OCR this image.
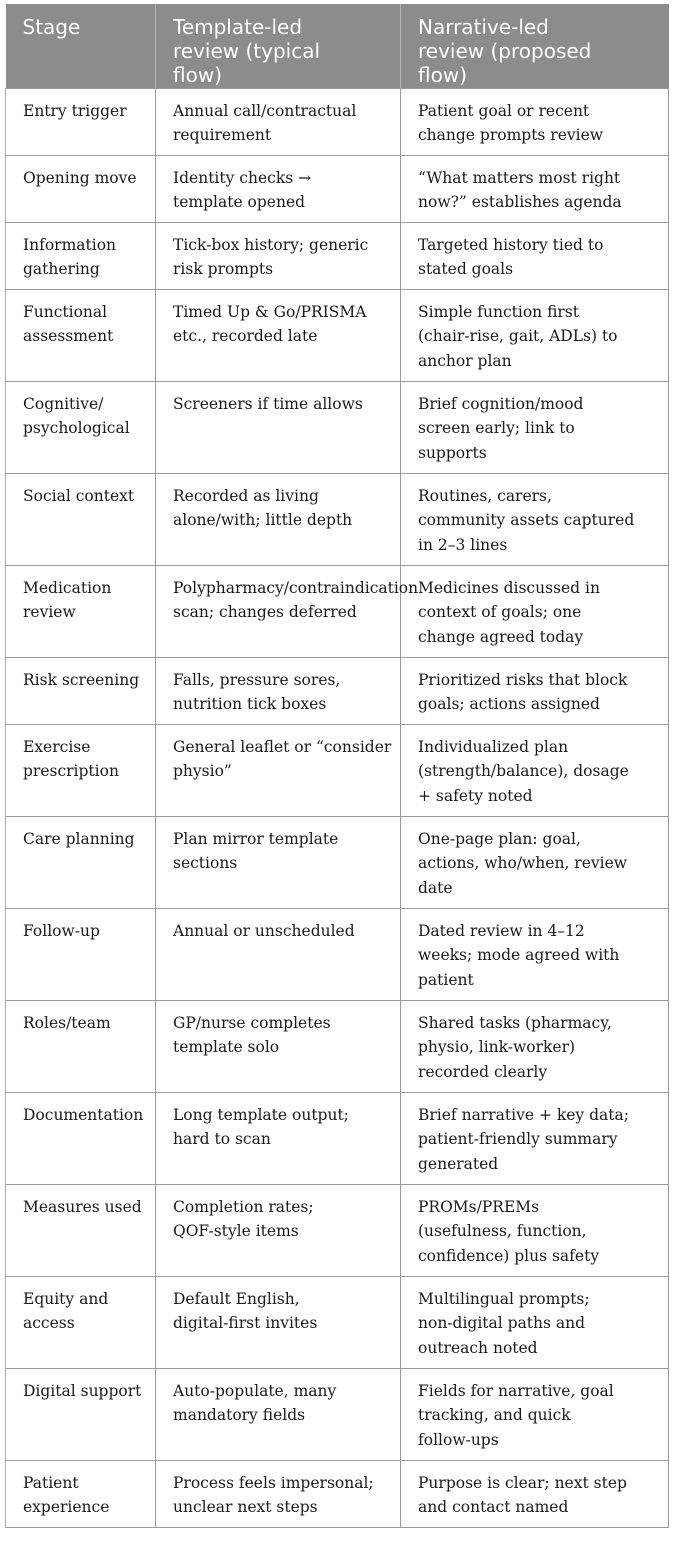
Stage	Template-led
review (typical
flow)	Narrative-led
review (proposed
flow)

Entry trigger	Annual call/contractual
requirement	Patient goal or recent
change prompts review

Opening move	Identity checks →
template opened	“What matters most right
now?” establishes agenda

Information
gathering	Tick-box history; generic
risk prompts	Targeted history tied to
stated goals

Functional
assessment	Timed Up & Go/PRISMA
etc., recorded late	Simple function first
(chair-rise, gait, ADLs) to
anchor plan

Cognitive/
psychological	Screeners if time allows	Brief cognition/mood
screen early; link to
supports

Social context	Recorded as living
alone/with; little depth	Routines, carers,
community assets captured
in 2–3 lines

Medication
review	Polypharmacy/contraindication
scan; changes deferred	Medicines discussed in
context of goals; one
change agreed today

Risk screening	Falls, pressure sores,
nutrition tick boxes	Prioritized risks that block
goals; actions assigned

Exercise
prescription	General leaflet or “consider
physio”	Individualized plan
(strength/balance), dosage
+ safety noted

Care planning	Plan mirror template
sections	One-page plan: goal,
actions, who/when, review
date

Follow-up	Annual or unscheduled	Dated review in 4–12
weeks; mode agreed with
patient

Roles/team	GP/nurse completes
template solo	Shared tasks (pharmacy,
physio, link-worker)
recorded clearly

Documentation	Long template output;
hard to scan	Brief narrative + key data;
patient-friendly summary
generated

Measures used	Completion rates;
QOF-style items	PROMs/PREMs
(usefulness, function,
confidence) plus safety

Equity and
access	Default English,
digital-first invites	Multilingual prompts;
non-digital paths and
outreach noted

Digital support	Auto-populate, many
mandatory fields	Fields for narrative, goal
tracking, and quick
follow-ups

Patient
experience	Process feels impersonal;
unclear next steps	Purpose is clear; next step
and contact named
